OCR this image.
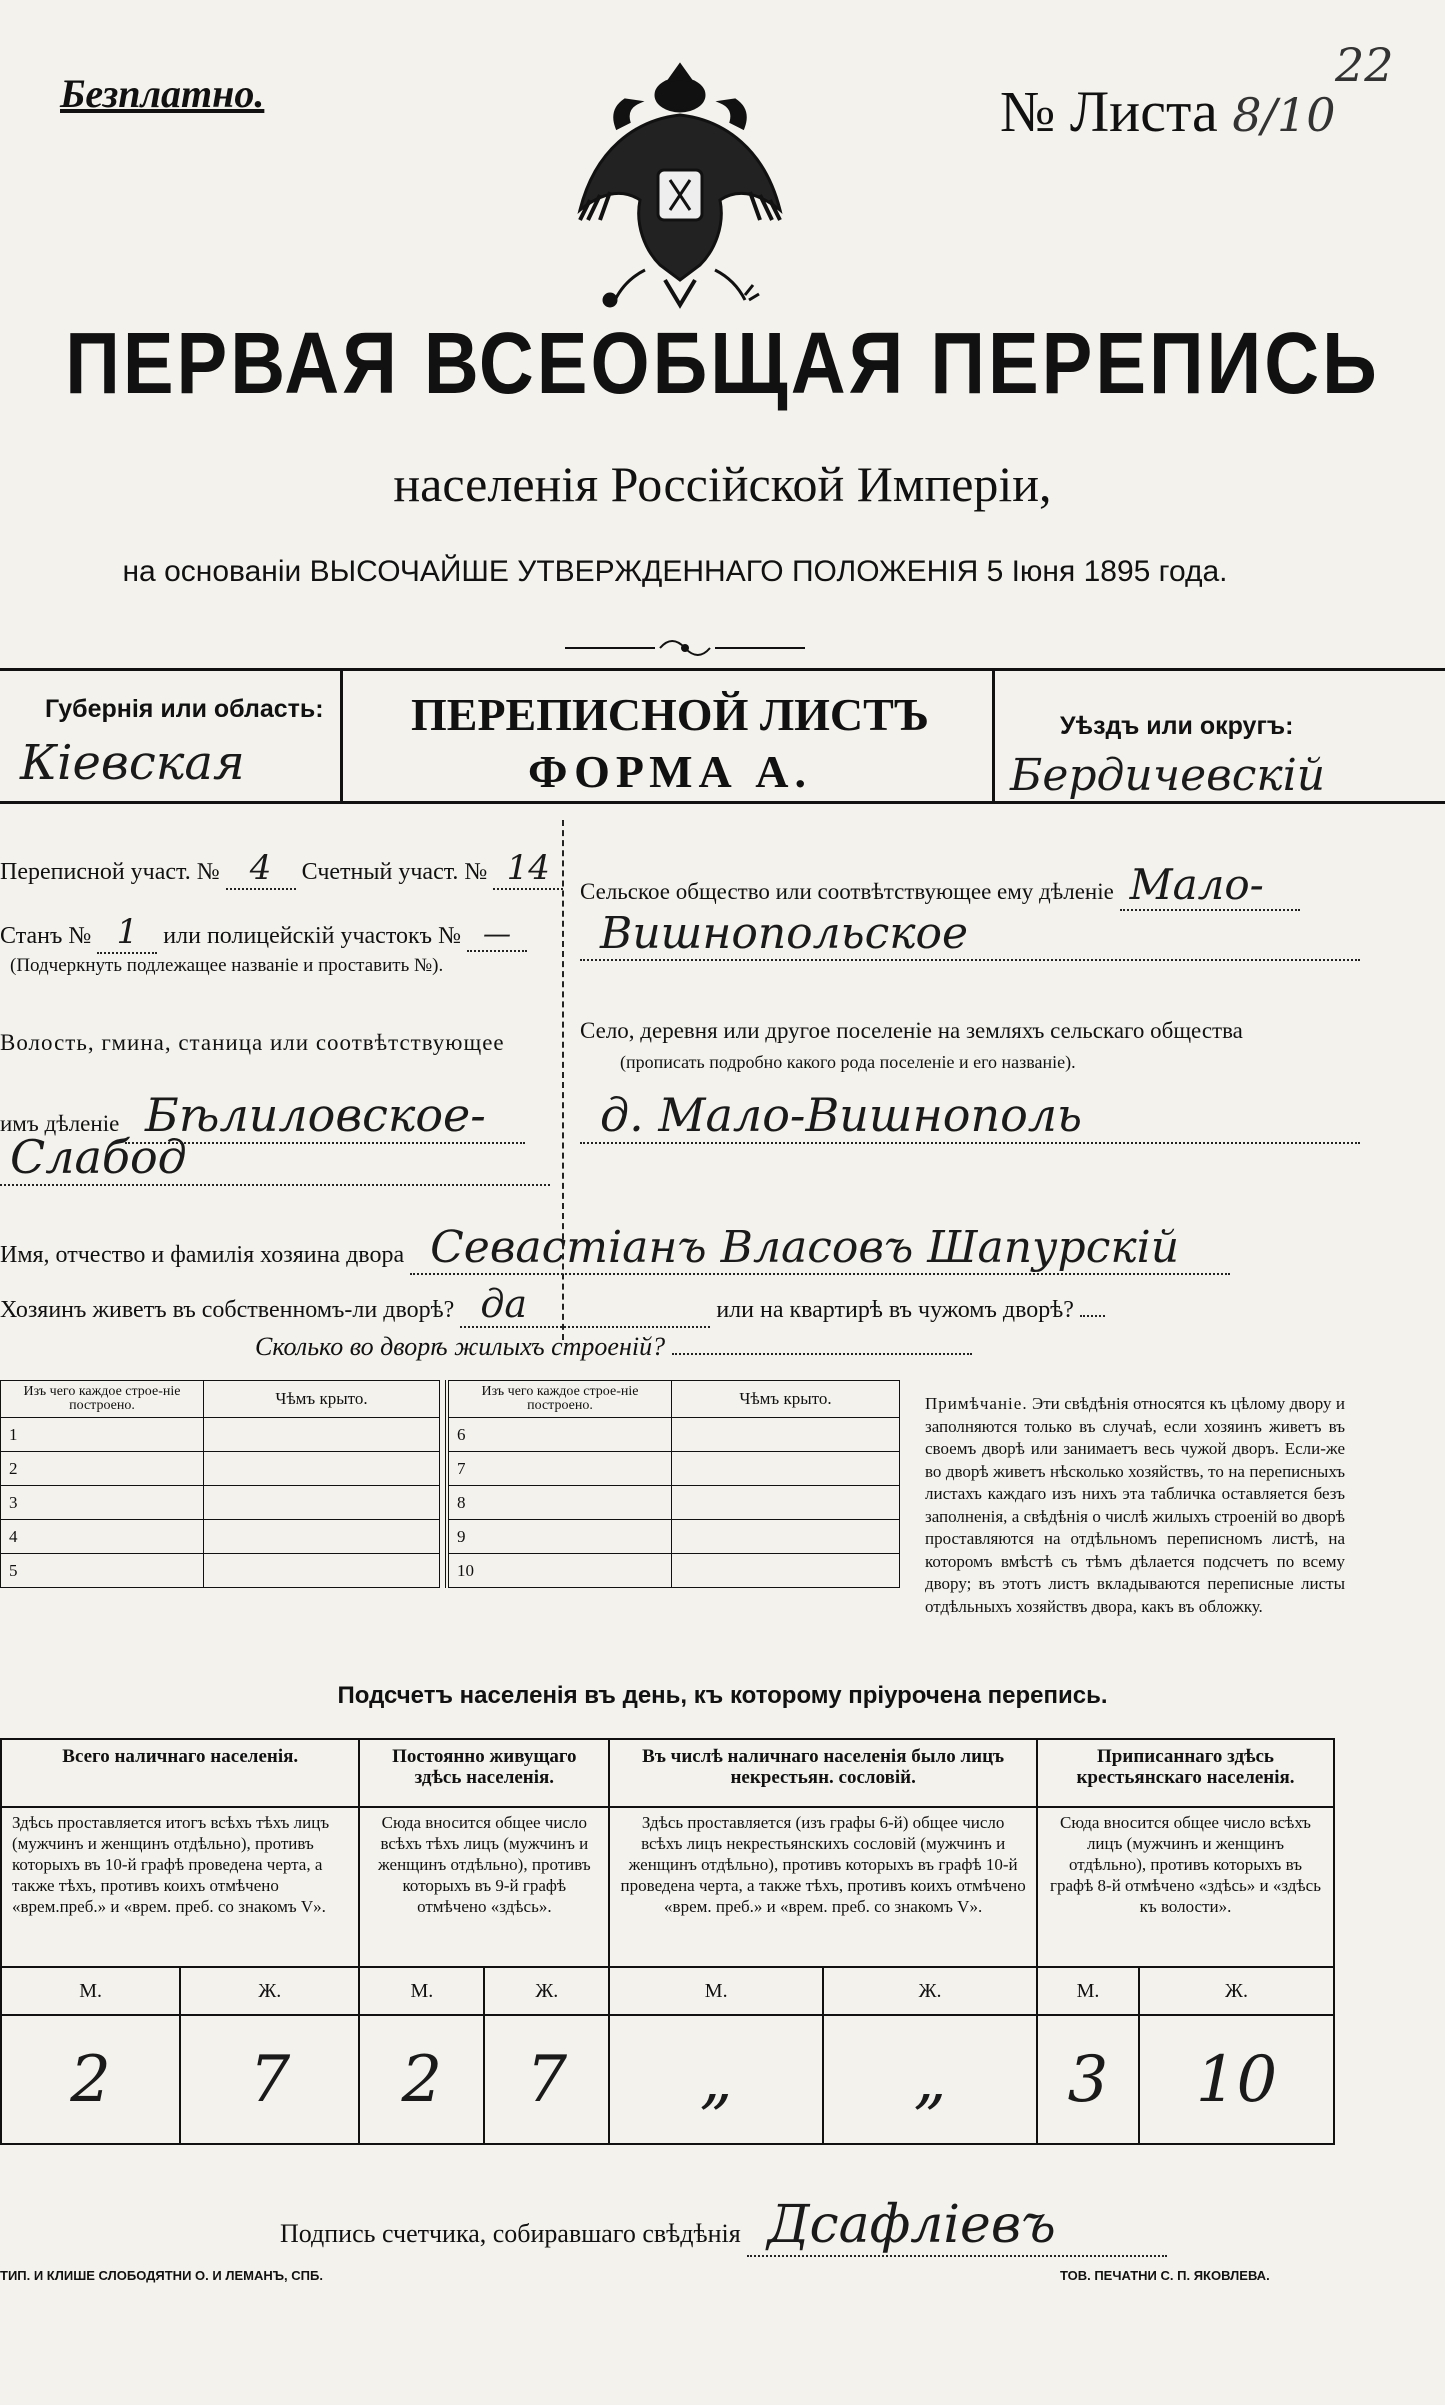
Безплатно.	№ Листа 8/10
22
ПЕРВАЯ ВСЕОБЩАЯ ПЕРЕПИСЬ
населенія Россійской Имперіи,
на основаніи ВЫСОЧАЙШЕ УТВЕРЖДЕННАГО ПОЛОЖЕНІЯ 5 Іюня 1895 года.
Губернія или область:
Кіевская
ПЕРЕПИСНОЙ ЛИСТЪ
ФОРМА А.
Уѣздъ или округъ:
Бердичевскій
Переписной участ. № 4 Счетный участ. № 14
Станъ № 1 или полицейскій участокъ № —
(Подчеркнуть подлежащее названіе и проставить №).
Волость, гмина, станица или соотвѣтствующее
имъ дѣленіе Бѣлиловское-
Слабод
Сельское общество или соотвѣтствующее ему дѣленіе Мало-
Вишнопольское
Село, деревня или другое поселеніе на земляхъ сельскаго общества
(прописать подробно какого рода поселеніе и его названіе).
д. Мало-Вишнополь
Имя, отчество и фамилія хозяина двора Севастіанъ Власовъ Шапурскій
Хозяинъ живетъ въ собственномъ-ли дворѣ? да	или на квартирѣ въ чужомъ дворѣ?
Сколько во дворѣ жилыхъ строеній?
Изъ чего каждое строе-ніе построено.	Чѣмъ крыто.
1	
2	
3	
4	
5	
Изъ чего каждое строе-ніе построено.	Чѣмъ крыто.
6	
7	
8	
9	
10	
Примѣчаніе. Эти свѣдѣнія относятся къ цѣлому двору и заполняются только въ случаѣ, если хозяинъ живетъ въ своемъ дворѣ или занимаетъ весь чужой дворъ. Если-же во дворѣ живетъ нѣсколько хозяйствъ, то на переписныхъ листахъ каждаго изъ нихъ эта табличка оставляется безъ заполненія, а свѣдѣнія о числѣ жилыхъ строеній во дворѣ проставляются на отдѣльномъ переписномъ листѣ, на которомъ вмѣстѣ съ тѣмъ дѣлается подсчетъ по всему двору; въ этотъ листъ вкладываются переписные листы отдѣльныхъ хозяйствъ двора, какъ въ обложку.
Подсчетъ населенія въ день, къ которому пріурочена перепись.
Всего наличнаго населенія.		Постоянно живущаго здѣсь населенія.		Въ числѣ наличнаго населенія было лицъ некрестьян. сословій.		Приписаннаго здѣсь крестьянскаго населенія.	
Здѣсь проставляется итогъ всѣхъ тѣхъ лицъ (мужчинъ и женщинъ отдѣльно), противъ которыхъ въ 10-й графѣ проведена черта, а также тѣхъ, противъ коихъ отмѣчено «врем.преб.» и «врем. преб. со знакомъ V».		Сюда вносится общее число всѣхъ тѣхъ лицъ (мужчинъ и женщинъ отдѣльно), противъ которыхъ въ 9-й графѣ отмѣчено «здѣсь».		Здѣсь проставляется (изъ графы 6-й) общее число всѣхъ лицъ некрестьянскихъ сословій (мужчинъ и женщинъ отдѣльно), противъ которыхъ въ графѣ 10-й проведена черта, а также тѣхъ, противъ коихъ отмѣчено «врем. преб.» и «врем. преб. со знакомъ V».		Сюда вносится общее число всѣхъ лицъ (мужчинъ и женщинъ отдѣльно), противъ которыхъ въ графѣ 8-й отмѣчено «здѣсь» и «здѣсь къ волости».	
М.	Ж.	М.	Ж.	М.	Ж.	М.	Ж.
2	7	2	7	„	„	3	10
Подпись счетчика, собиравшаго свѣдѣнія Дсафліевъ
ТИП. И КЛИШЕ СЛОБОДЯТНИ О. И ЛЕМАНЪ, СПБ.	ТОВ. ПЕЧАТНИ С. П. ЯКОВЛЕВА.
